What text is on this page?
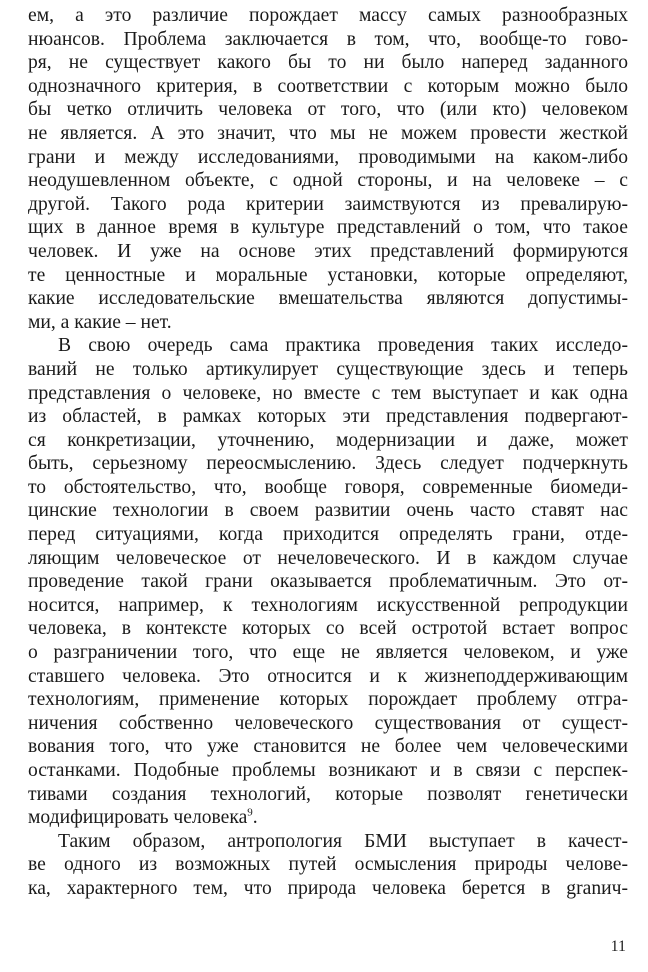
ем, а это различие порождает массу самых разнообразных
нюансов. Проблема заключается в том, что, вообще-то гово-
ря, не существует какого бы то ни было наперед заданного
однозначного критерия, в соответствии с которым можно было
бы четко отличить человека от того, что (или кто) человеком
не является. А это значит, что мы не можем провести жесткой
грани и между исследованиями, проводимыми на каком-либо
неодушевленном объекте, с одной стороны, и на человеке – с
другой. Такого рода критерии заимствуются из превалирую-
щих в данное время в культуре представлений о том, что такое
человек. И уже на основе этих представлений формируются
те ценностные и моральные установки, которые определяют,
какие исследовательские вмешательства являются допустимы-
ми, а какие – нет.
В свою очередь сама практика проведения таких исследо-
ваний не только артикулирует существующие здесь и теперь
представления о человеке, но вместе с тем выступает и как одна
из областей, в рамках которых эти представления подвергают-
ся конкретизации, уточнению, модернизации и даже, может
быть, серьезному переосмыслению. Здесь следует подчеркнуть
то обстоятельство, что, вообще говоря, современные биомеди-
цинские технологии в своем развитии очень часто ставят нас
перед ситуациями, когда приходится определять грани, отде-
ляющим человеческое от нечеловеческого. И в каждом случае
проведение такой грани оказывается проблематичным. Это от-
носится, например, к технологиям искусственной репродукции
человека, в контексте которых со всей остротой встает вопрос
о разграничении того, что еще не является человеком, и уже
ставшего человека. Это относится и к жизнеподдерживающим
технологиям, применение которых порождает проблему отгра-
ничения собственно человеческого существования от сущест-
вования того, что уже становится не более чем человеческими
останками. Подобные проблемы возникают и в связи с перспек-
тивами создания технологий, которые позволят генетически
модифицировать человека$^9$.
Таким образом, антропология БМИ выступает в качест-
ве одного из возможных путей осмысления природы челове-
ка, характерного тем, что природа человека берется в granич-
11
